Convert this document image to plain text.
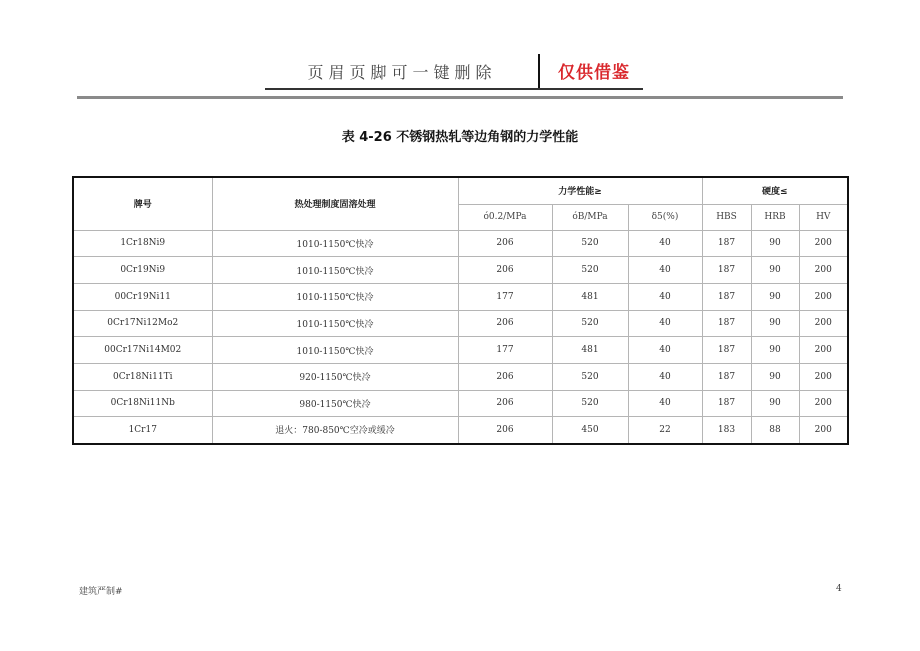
页眉页脚可一键删除	仅供借鉴
表 4-26 不锈钢热轧等边角钢的力学性能
牌号	热处理制度固溶处理	力学性能≥			硬度≤		
		ό0.2/MPa	όB/MPa	δ5(%)	HBS	HRB	HV
1Cr18Ni9	1010-1150℃快冷	206	520	40	187	90	200
0Cr19Ni9	1010-1150℃快冷	206	520	40	187	90	200
00Cr19Ni11	1010-1150℃快冷	177	481	40	187	90	200
0Cr17Ni12Mo2	1010-1150℃快冷	206	520	40	187	90	200
00Cr17Ni14M02	1010-1150℃快冷	177	481	40	187	90	200
0Cr18Ni11Ti	920-1150℃快冷	206	520	40	187	90	200
0Cr18Ni11Nb	980-1150℃快冷	206	520	40	187	90	200
1Cr17	退火：780-850℃空冷或缓冷	206	450	22	183	88	200
建筑严制#	4
